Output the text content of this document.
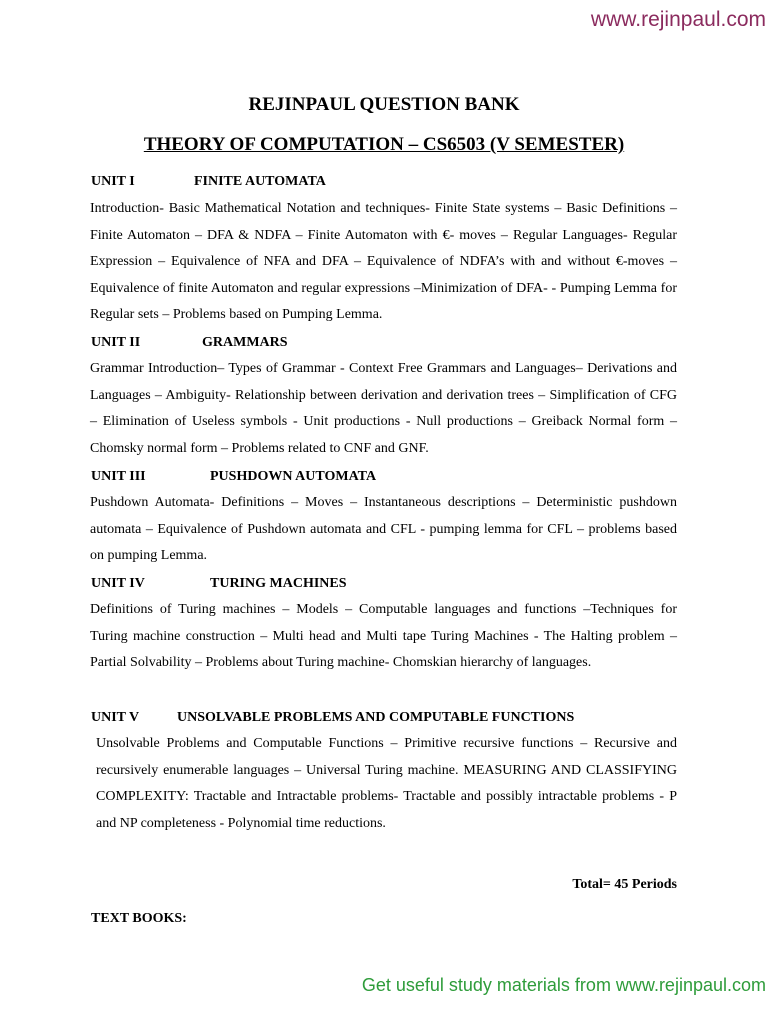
www.rejinpaul.com
REJINPAUL QUESTION BANK
THEORY OF COMPUTATION – CS6503 (V SEMESTER)
UNIT I	FINITE AUTOMATA
Introduction- Basic Mathematical Notation and techniques- Finite State systems – Basic Definitions –Finite Automaton – DFA & NDFA – Finite Automaton with €- moves – Regular Languages- Regular Expression – Equivalence of NFA and DFA – Equivalence of NDFA’s with and without €-moves –Equivalence of finite Automaton and regular expressions –Minimization of DFA- - Pumping Lemma for Regular sets – Problems based on Pumping Lemma.
UNIT II	GRAMMARS
Grammar Introduction– Types of Grammar - Context Free Grammars and Languages– Derivations and Languages – Ambiguity- Relationship between derivation and derivation trees – Simplification of CFG – Elimination of Useless symbols - Unit productions - Null productions – Greiback Normal form – Chomsky normal form – Problems related to CNF and GNF.
UNIT III	PUSHDOWN AUTOMATA
Pushdown Automata- Definitions – Moves – Instantaneous descriptions – Deterministic pushdown automata – Equivalence of Pushdown automata and CFL - pumping lemma for CFL – problems based on pumping Lemma.
UNIT IV	TURING MACHINES
Definitions of Turing machines – Models – Computable languages and functions –Techniques for Turing machine construction – Multi head and Multi tape Turing Machines - The Halting problem –Partial Solvability – Problems about Turing machine- Chomskian hierarchy of languages.
UNIT V	UNSOLVABLE PROBLEMS AND COMPUTABLE FUNCTIONS
Unsolvable Problems and Computable Functions – Primitive recursive functions – Recursive and recursively enumerable languages – Universal Turing machine. MEASURING AND CLASSIFYING COMPLEXITY: Tractable and Intractable problems- Tractable and possibly intractable problems - P and NP completeness - Polynomial time reductions.
Total= 45 Periods
TEXT BOOKS:
Get useful study materials from www.rejinpaul.com
